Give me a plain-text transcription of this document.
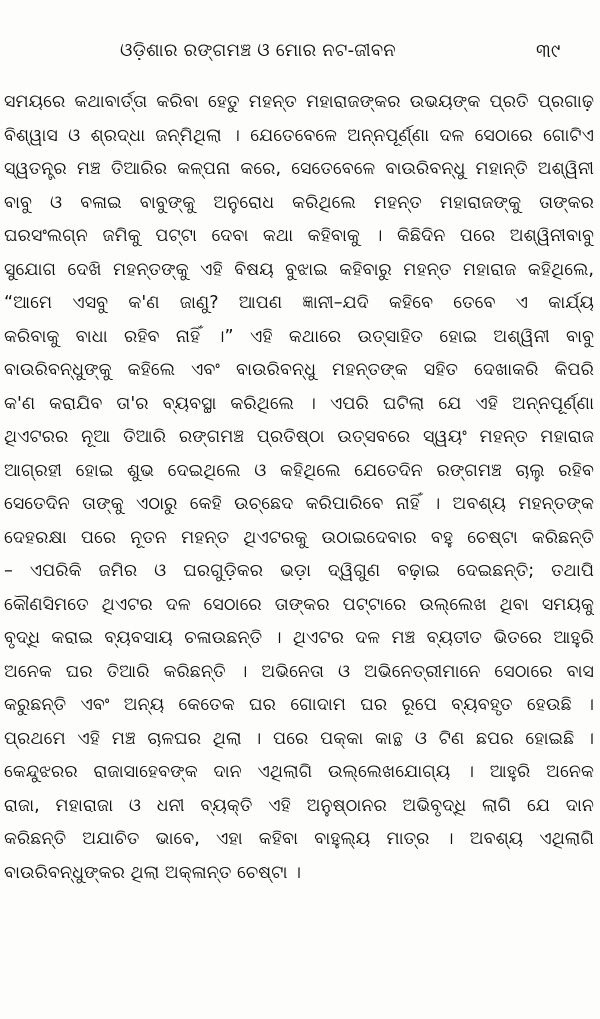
ଓଡ଼ିଶାର ରଙ୍ଗମଞ୍ଚ ଓ ମୋର ନଟ-ଜୀବନ	୩୯
ସମୟରେ କଥାବାର୍ତ୍ତା କରିବା ହେତୁ ମହନ୍ତ ମହାରାଜଙ୍କର ଉଭୟଙ୍କ ପ୍ରତି ପ୍ରଗାଢ଼
ବିଶ୍ୱାସ ଓ ଶ୍ରଦ୍ଧା ଜନ୍ମିଥିଲା । ଯେତେବେଳେ ଅନ୍ନପୂର୍ଣ୍ଣା ଦଳ ସେଠାରେ ଗୋଟିଏ
ସ୍ୱତନ୍ତ୍ର ମଞ୍ଚ ତିଆରିର କଳ୍ପନା କରେ, ସେତେବେଳେ ବାଉରିବନ୍ଧୁ ମହାନ୍ତି ଅଶ୍ୱିନୀ
ବାବୁ ଓ ବଳାଇ ବାବୁଙ୍କୁ ଅନୁରୋଧ କରିଥିଲେ ମହନ୍ତ ମହାରାଜଙ୍କୁ ତାଙ୍କର
ଘରସଂଲଗ୍ନ ଜମିକୁ ପଟ୍ଟା ଦେବା କଥା କହିବାକୁ । କିଛିଦିନ ପରେ ଅଶ୍ୱିନୀବାବୁ
ସୁଯୋଗ ଦେଖି ମହନ୍ତଙ୍କୁ ଏହି ବିଷୟ ବୁଝାଇ କହିବାରୁ ମହନ୍ତ ମହାରାଜ କହିଥିଲେ,
“ଆମେ ଏସବୁ କ'ଣ ଜାଣୁ? ଆପଣ ଜ୍ଞାନୀ–ଯଦି କହିବେ ତେବେ ଏ କାର୍ଯ୍ୟ
କରିବାକୁ ବାଧା ରହିବ ନାହିଁ ।” ଏହି କଥାରେ ଉତ୍ସାହିତ ହୋଇ ଅଶ୍ୱିନୀ ବାବୁ
ବାଉରିବନ୍ଧୁଙ୍କୁ କହିଲେ ଏବଂ ବାଉରିବନ୍ଧୁ ମହନ୍ତଙ୍କ ସହିତ ଦେଖାକରି କିପରି
କ'ଣ କରାଯିବ ତା'ର ବ୍ୟବସ୍ଥା କରିଥିଲେ । ଏପରି ଘଟିଲା ଯେ ଏହି ଅନ୍ନପୂର୍ଣ୍ଣା
ଥିଏଟରର ନୂଆ ତିଆରି ରଙ୍ଗମଞ୍ଚ ପ୍ରତିଷ୍ଠା ଉତ୍ସବରେ ସ୍ୱୟଂ ମହନ୍ତ ମହାରାଜ
ଆଗ୍ରହୀ ହୋଇ ଶୁଭ ଦେଇଥିଲେ ଓ କହିଥିଲେ ଯେତେଦିନ ରଙ୍ଗମଞ୍ଚ ଚାଲୁ ରହିବ
ସେତେଦିନ ତାଙ୍କୁ ଏଠାରୁ କେହି ଉଚ୍ଛେଦ କରିପାରିବେ ନାହିଁ । ଅବଶ୍ୟ ମହନ୍ତଙ୍କ
ଦେହରକ୍ଷା ପରେ ନୂତନ ମହନ୍ତ ଥିଏଟରକୁ ଉଠାଇଦେବାର ବହୁ ଚେଷ୍ଟା କରିଛନ୍ତି
– ଏପରିକି ଜମିର ଓ ଘରଗୁଡ଼ିକର ଭଡ଼ା ଦ୍ୱିଗୁଣ ବଢ଼ାଇ ଦେଇଛନ୍ତି; ତଥାପି
କୌଣସିମତେ ଥିଏଟର ଦଳ ସେଠାରେ ତାଙ୍କର ପଟ୍ଟାରେ ଉଲ୍ଲେଖ ଥିବା ସମୟକୁ
ବୃଦ୍ଧି କରାଇ ବ୍ୟବସାୟ ଚଳାଉଛନ୍ତି । ଥିଏଟର ଦଳ ମଞ୍ଚ ବ୍ୟତୀତ ଭିତରେ ଆହୁରି
ଅନେକ ଘର ତିଆରି କରିଛନ୍ତି । ଅଭିନେତା ଓ ଅଭିନେତ୍ରୀମାନେ ସେଠାରେ ବାସ
କରୁଛନ୍ତି ଏବଂ ଅନ୍ୟ କେତେକ ଘର ଗୋଦାମ ଘର ରୂପେ ବ୍ୟବହୃତ ହେଉଛି ।
ପ୍ରଥମେ ଏହି ମଞ୍ଚ ଚାଳଘର ଥିଲା । ପରେ ପକ୍କା କାନ୍ଥ ଓ ଟିଣ ଛପର ହୋଇଛି ।
କେନ୍ଦୁଝରର ରାଜାସାହେବଙ୍କ ଦାନ ଏଥିଲାଗି ଉଲ୍ଲେଖଯୋଗ୍ୟ । ଆହୁରି ଅନେକ
ରାଜା, ମହାରାଜା ଓ ଧନୀ ବ୍ୟକ୍ତି ଏହି ଅନୁଷ୍ଠାନର ଅଭିବୃଦ୍ଧି ଲାଗି ଯେ ଦାନ
କରିଛନ୍ତି ଅଯାଚିତ ଭାବେ, ଏହା କହିବା ବାହୁଲ୍ୟ ମାତ୍ର । ଅବଶ୍ୟ ଏଥିଲାଗି
ବାଉରିବନ୍ଧୁଙ୍କର ଥିଲା ଅକ୍ଳାନ୍ତ ଚେଷ୍ଟା ।
